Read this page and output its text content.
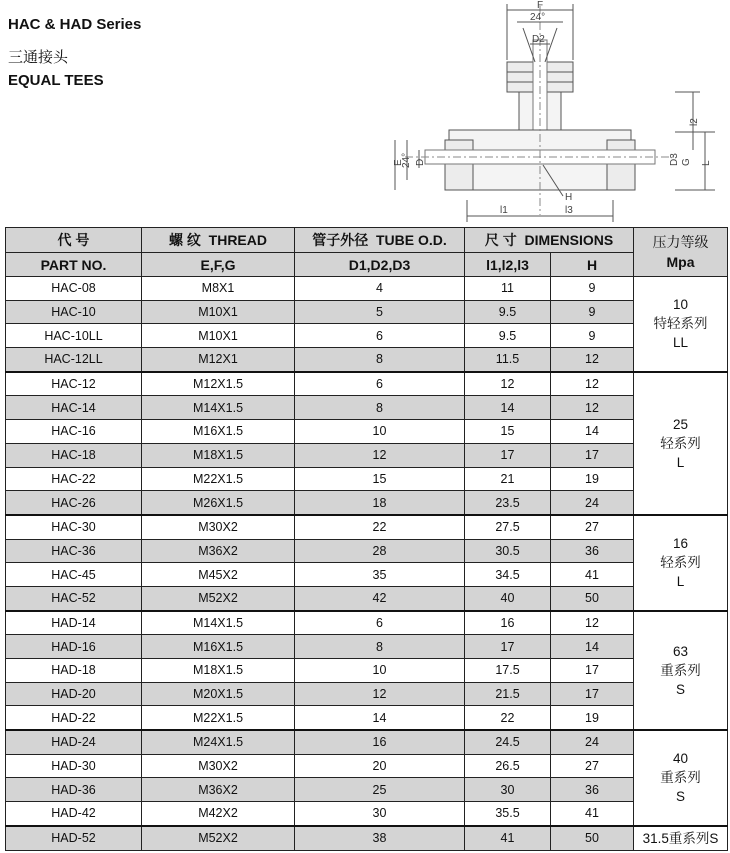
HAC & HAD Series
三通接头
EQUAL TEES
F
24°
D2
l2
E
24° D	D3 G L
H
l1	l3
代 号	螺 纹 THREAD	管子外径 TUBE O.D.	尺 寸 DIMENSIONS		压力等级
Mpa
PART NO.	E,F,G	D1,D2,D3	l1,l2,l3	H	
HAC-08	M8X1	4	11	9	10
特轻系列
LL

HAC-10	M10X1	5	9.5	9	
HAC-10LL	M10X1	6	9.5	9	
HAC-12LL	M12X1	8	11.5	12	
HAC-12	M12X1.5	6	12	12	25
轻系列
L

HAC-14	M14X1.5	8	14	12	
HAC-16	M16X1.5	10	15	14	
HAC-18	M18X1.5	12	17	17	
HAC-22	M22X1.5	15	21	19	
HAC-26	M26X1.5	18	23.5	24	
HAC-30	M30X2	22	27.5	27	16
轻系列
L

HAC-36	M36X2	28	30.5	36	
HAC-45	M45X2	35	34.5	41	
HAC-52	M52X2	42	40	50	
HAD-14	M14X1.5	6	16	12	63
重系列
S

HAD-16	M16X1.5	8	17	14	
HAD-18	M18X1.5	10	17.5	17	
HAD-20	M20X1.5	12	21.5	17	
HAD-22	M22X1.5	14	22	19	
HAD-24	M24X1.5	16	24.5	24	40
重系列
S

HAD-30	M30X2	20	26.5	27	
HAD-36	M36X2	25	30	36	
HAD-42	M42X2	30	35.5	41	
HAD-52	M52X2	38	41	50	31.5重系列S
